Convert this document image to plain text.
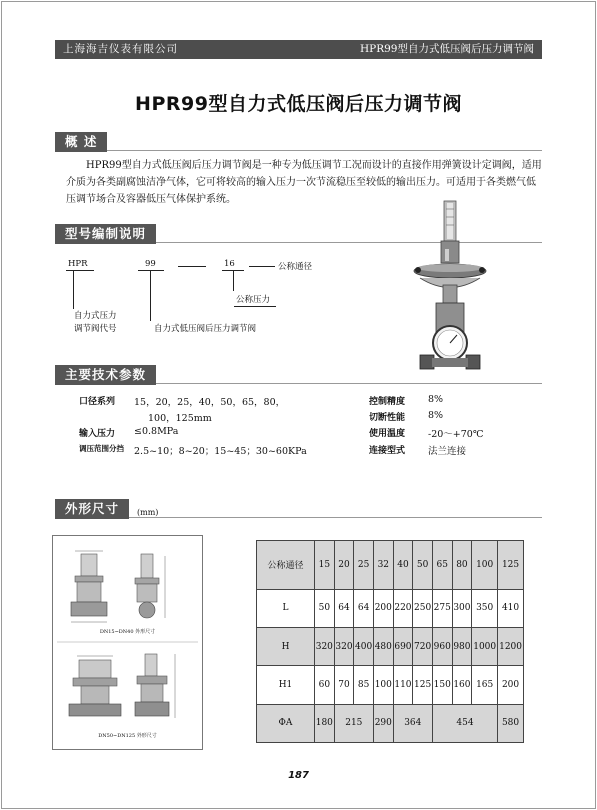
上海海吉仪表有限公司	HPR99型自力式低压阀后压力调节阀
HPR99型自力式低压阀后压力调节阀
概 述

HPR99型自力式低压阀后压力调节阀是一种专为低压调节工况而设计的直接作用弹簧设计定调阀，适用介质为各类副腐蚀洁净气体，它可将较高的输入压力一次节流稳压至较低的输出压力。可适用于各类燃气低压调节场合及容器低压气体保护系统。

型号编制说明
HPR	99	16	公称通径
公称压力
自力式压力
调节阀代号	自力式低压阀后压力调节阀
主要技术参数
口径系列 15，20，25，40，50，65，80，
100，125mm
输入压力 ≤0.8MPa
调压范围分挡 2.5~10；8~20；15~45；30~60KPa
控制精度 8%
切断性能 8%
使用温度 -20～+70℃
连接型式 法兰连接
外形尺寸	(mm)
DN15~DN40 外形尺寸
DN50~DN125 外形尺寸
公称通径	15	20	25	32	40	50	65	80	100	125
L	50	64	64	200	220	250	275	300	350	410
H	320	320	400	480	690	720	960	980	1000	1200
H1	60	70	85	100	110	125	150	160	165	200
ΦA	180	215		290	364		454			580
187
